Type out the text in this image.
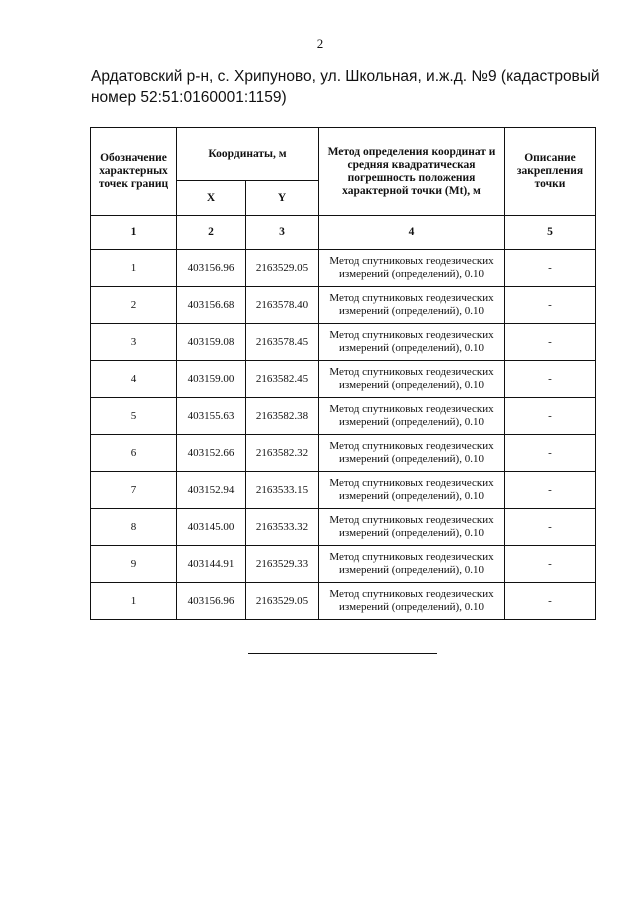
2
Ардатовский р-н, с. Хрипуново, ул. Школьная, и.ж.д. №9 (кадастровый номер 52:51:0160001:1159)
Обозначение характерных точек границ	Координаты, м		Метод определения координат и средняя квадратическая погрешность положения характерной точки (Mt), м	Описание закрепления точки
	X	Y		
1	2	3	4	5
1	403156.96	2163529.05	Метод спутниковых геодезических измерений (определений), 0.10	-
2	403156.68	2163578.40	Метод спутниковых геодезических измерений (определений), 0.10	-
3	403159.08	2163578.45	Метод спутниковых геодезических измерений (определений), 0.10	-
4	403159.00	2163582.45	Метод спутниковых геодезических измерений (определений), 0.10	-
5	403155.63	2163582.38	Метод спутниковых геодезических измерений (определений), 0.10	-
6	403152.66	2163582.32	Метод спутниковых геодезических измерений (определений), 0.10	-
7	403152.94	2163533.15	Метод спутниковых геодезических измерений (определений), 0.10	-
8	403145.00	2163533.32	Метод спутниковых геодезических измерений (определений), 0.10	-
9	403144.91	2163529.33	Метод спутниковых геодезических измерений (определений), 0.10	-
1	403156.96	2163529.05	Метод спутниковых геодезических измерений (определений), 0.10	-
